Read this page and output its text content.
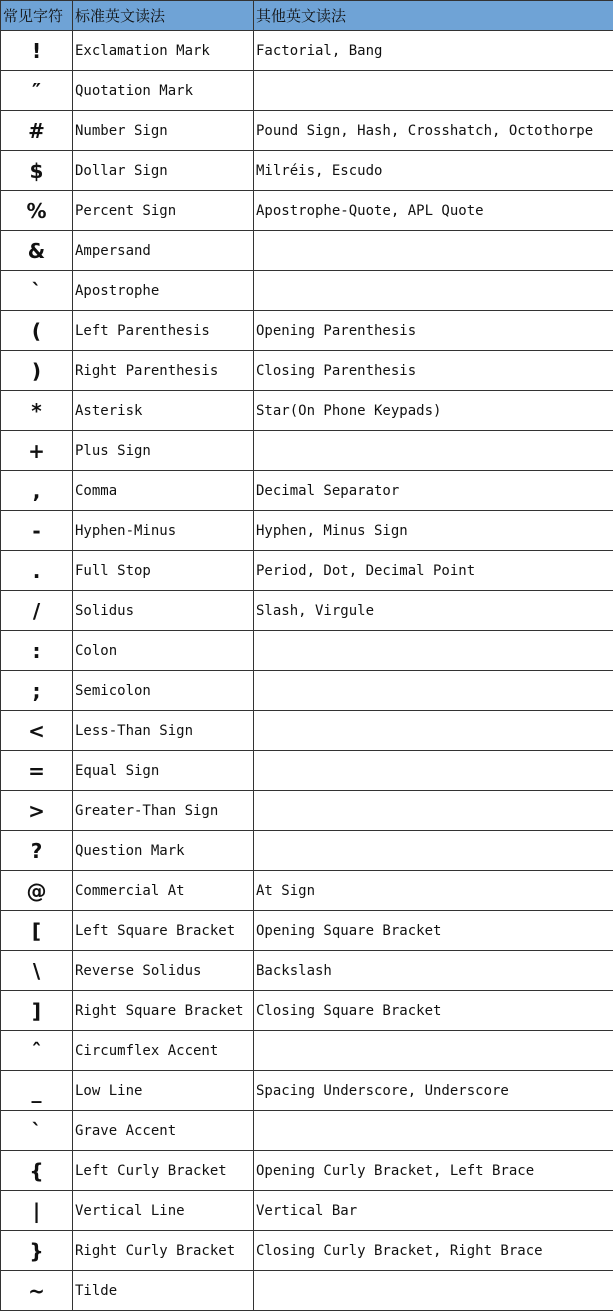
常见字符	标准英文读法	其他英文读法
!	Exclamation Mark	Factorial, Bang
″	Quotation Mark	
#	Number Sign	Pound Sign, Hash, Crosshatch, Octothorpe
$	Dollar Sign	Milréis, Escudo
%	Percent Sign	Apostrophe-Quote, APL Quote
&	Ampersand	
`	Apostrophe	
(	Left Parenthesis	Opening Parenthesis
)	Right Parenthesis	Closing Parenthesis
*	Asterisk	Star(On Phone Keypads)
+	Plus Sign	
,	Comma	Decimal Separator
-	Hyphen-Minus	Hyphen, Minus Sign
.	Full Stop	Period, Dot, Decimal Point
/	Solidus	Slash, Virgule
:	Colon	
;	Semicolon	
<	Less-Than Sign	
=	Equal Sign	
>	Greater-Than Sign	
?	Question Mark	
@	Commercial At	At Sign
[	Left Square Bracket	Opening Square Bracket
\	Reverse Solidus	Backslash
]	Right Square Bracket	Closing Square Bracket
ˆ	Circumflex Accent	
_	Low Line	Spacing Underscore, Underscore
`	Grave Accent	
{	Left Curly Bracket	Opening Curly Bracket, Left Brace
|	Vertical Line	Vertical Bar
}	Right Curly Bracket	Closing Curly Bracket, Right Brace
~	Tilde	
